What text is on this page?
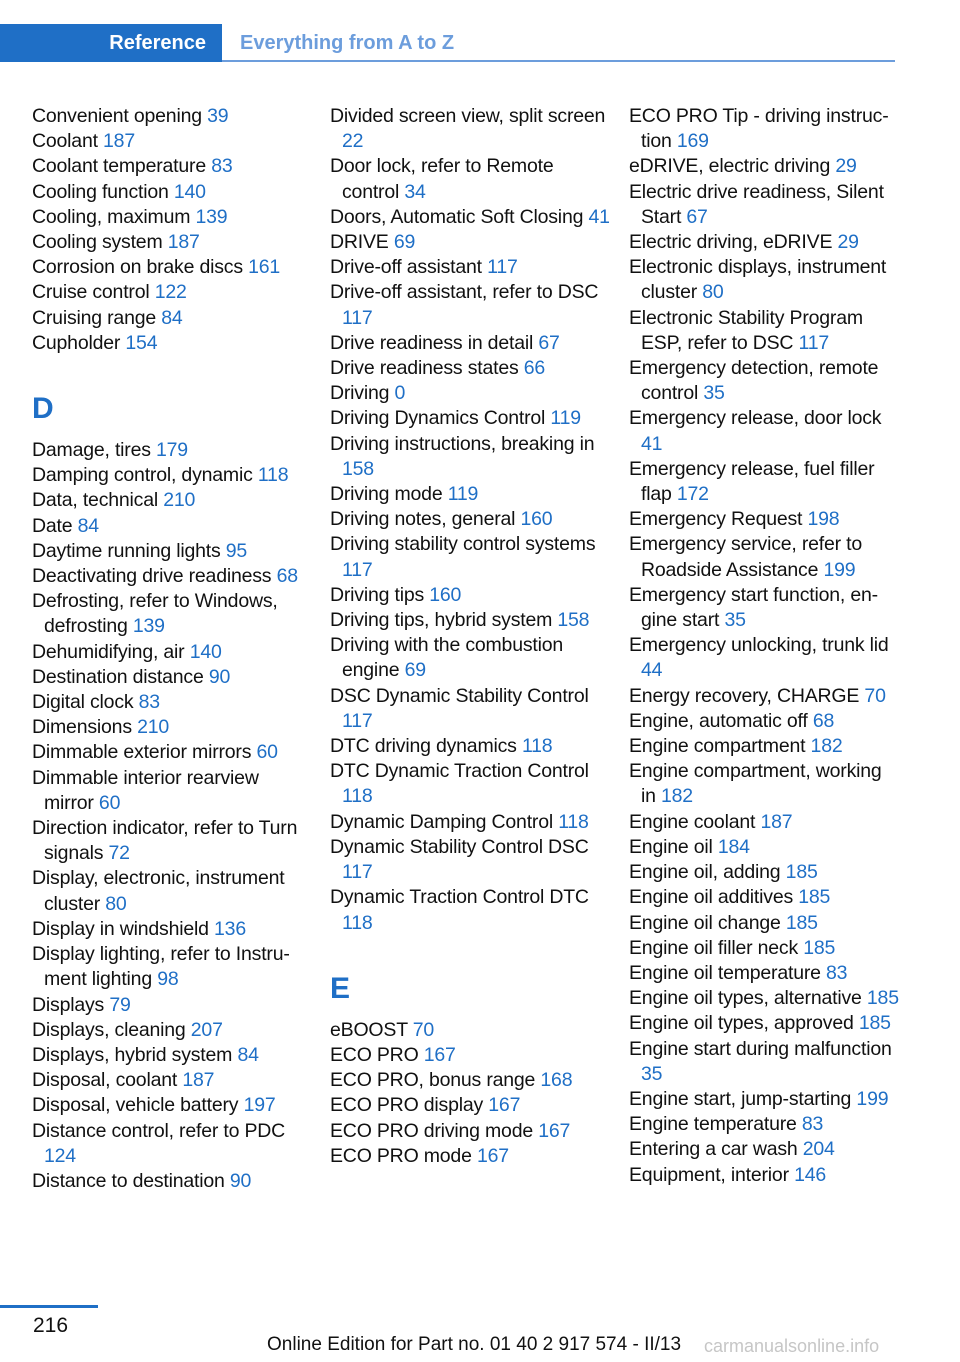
Reference	Everything from A to Z
Convenient opening 39
Coolant 187
Coolant temperature 83
Cooling function 140
Cooling, maximum 139
Cooling system 187
Corrosion on brake discs 161
Cruise control 122
Cruising range 84
Cupholder 154
D
Damage, tires 179
Damping control, dynamic 118
Data, technical 210
Date 84
Daytime running lights 95
Deactivating drive readiness 68
Defrosting, refer to Windows, defrosting 139
Dehumidifying, air 140
Destination distance 90
Digital clock 83
Dimensions 210
Dimmable exterior mirrors 60
Dimmable interior rearview mirror 60
Direction indicator, refer to Turn signals 72
Display, electronic, instrument cluster 80
Display in windshield 136
Display lighting, refer to Instrument lighting 98
Displays 79
Displays, cleaning 207
Displays, hybrid system 84
Disposal, coolant 187
Disposal, vehicle battery 197
Distance control, refer to PDC 124
Distance to destination 90
Divided screen view, split screen 22
Door lock, refer to Remote control 34
Doors, Automatic Soft Closing 41
DRIVE 69
Drive-off assistant 117
Drive-off assistant, refer to DSC 117
Drive readiness in detail 67
Drive readiness states 66
Driving 0
Driving Dynamics Control 119
Driving instructions, breaking in 158
Driving mode 119
Driving notes, general 160
Driving stability control systems 117
Driving tips 160
Driving tips, hybrid system 158
Driving with the combustion engine 69
DSC Dynamic Stability Control 117
DTC driving dynamics 118
DTC Dynamic Traction Control 118
Dynamic Damping Control 118
Dynamic Stability Control DSC 117
Dynamic Traction Control DTC 118
E
eBOOST 70
ECO PRO 167
ECO PRO, bonus range 168
ECO PRO display 167
ECO PRO driving mode 167
ECO PRO mode 167
ECO PRO Tip - driving instruction 169
eDRIVE, electric driving 29
Electric drive readiness, Silent Start 67
Electric driving, eDRIVE 29
Electronic displays, instrument cluster 80
Electronic Stability Program ESP, refer to DSC 117
Emergency detection, remote control 35
Emergency release, door lock 41
Emergency release, fuel filler flap 172
Emergency Request 198
Emergency service, refer to Roadside Assistance 199
Emergency start function, engine start 35
Emergency unlocking, trunk lid 44
Energy recovery, CHARGE 70
Engine, automatic off 68
Engine compartment 182
Engine compartment, working in 182
Engine coolant 187
Engine oil 184
Engine oil, adding 185
Engine oil additives 185
Engine oil change 185
Engine oil filler neck 185
Engine oil temperature 83
Engine oil types, alternative 185
Engine oil types, approved 185
Engine start during malfunction 35
Engine start, jump-starting 199
Engine temperature 83
Entering a car wash 204
Equipment, interior 146
216
Online Edition for Part no. 01 40 2 917 574 - II/13 carmanualsonline.info
